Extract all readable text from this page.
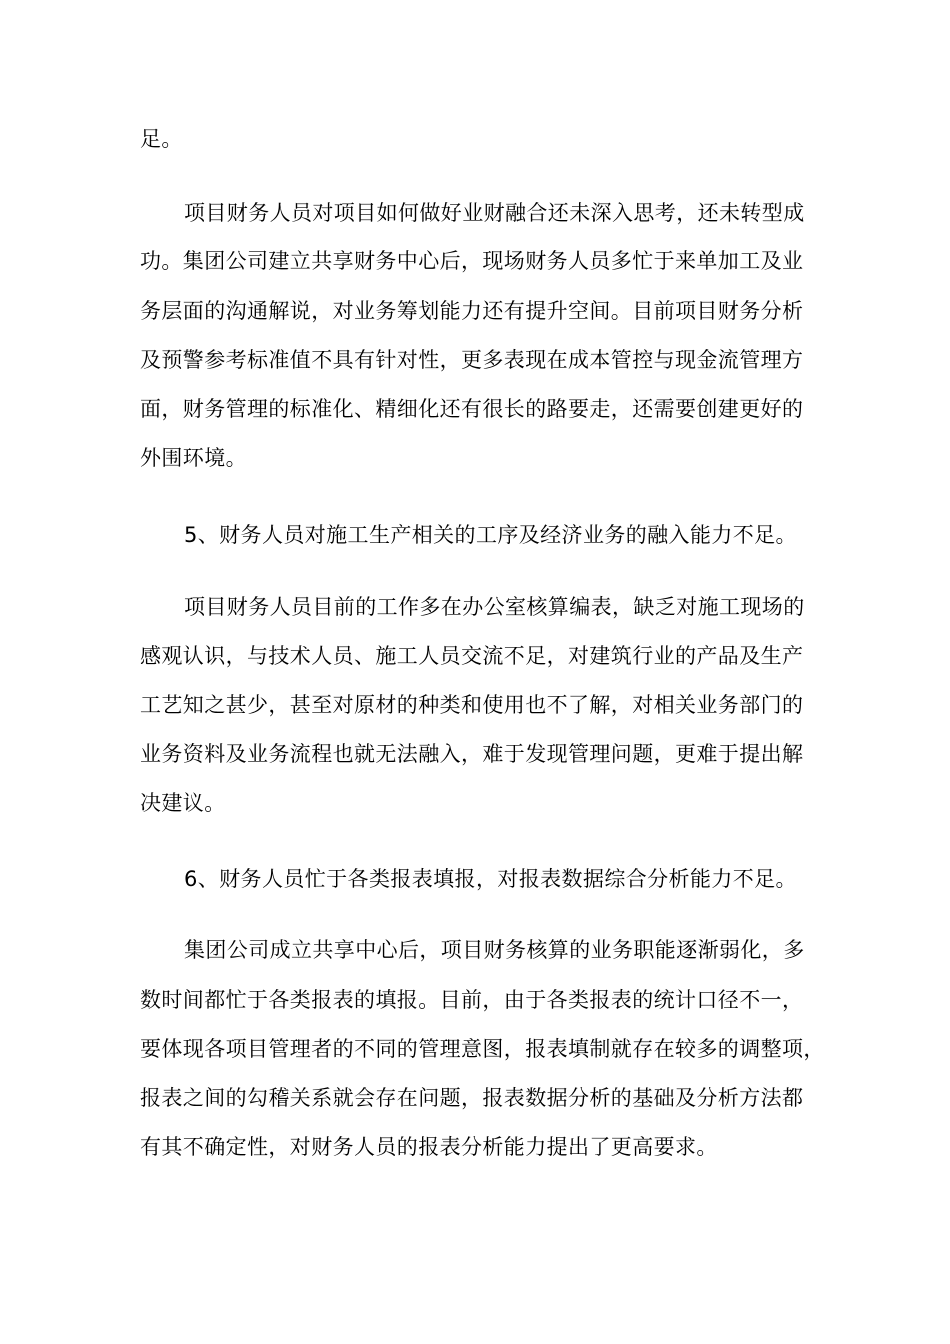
足。
项目财务人员对项目如何做好业财融合还未深入思考，还未转型成
功。集团公司建立共享财务中心后，现场财务人员多忙于来单加工及业
务层面的沟通解说，对业务筹划能力还有提升空间。目前项目财务分析
及预警参考标准值不具有针对性，更多表现在成本管控与现金流管理方
面，财务管理的标准化、精细化还有很长的路要走，还需要创建更好的
外围环境。
5、财务人员对施工生产相关的工序及经济业务的融入能力不足。
项目财务人员目前的工作多在办公室核算编表，缺乏对施工现场的
感观认识，与技术人员、施工人员交流不足，对建筑行业的产品及生产
工艺知之甚少，甚至对原材的种类和使用也不了解，对相关业务部门的
业务资料及业务流程也就无法融入，难于发现管理问题，更难于提出解
决建议。
6、财务人员忙于各类报表填报，对报表数据综合分析能力不足。
集团公司成立共享中心后，项目财务核算的业务职能逐渐弱化，多
数时间都忙于各类报表的填报。目前，由于各类报表的统计口径不一，
要体现各项目管理者的不同的管理意图，报表填制就存在较多的调整项，
报表之间的勾稽关系就会存在问题，报表数据分析的基础及分析方法都
有其不确定性，对财务人员的报表分析能力提出了更高要求。
